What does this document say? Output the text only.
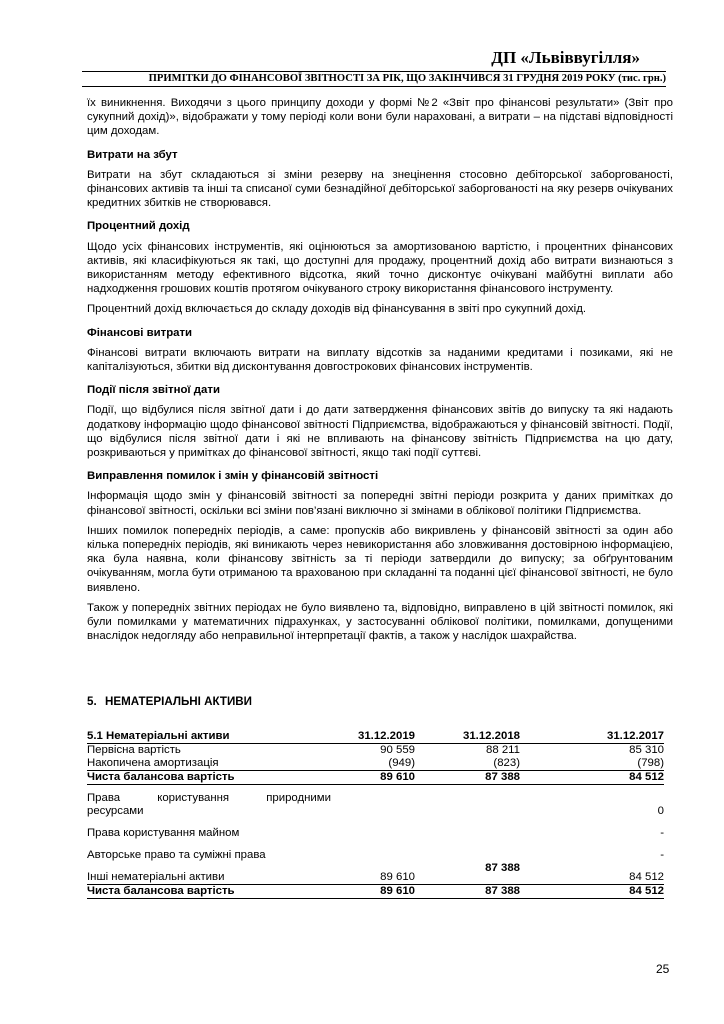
ДП «Львіввугілля»
ПРИМІТКИ ДО ФІНАНСОВОЇ ЗВІТНОСТІ ЗА РІК, ЩО ЗАКІНЧИВСЯ 31 ГРУДНЯ 2019 РОКУ (тис. грн.)

їх виникнення. Виходячи з цього принципу доходи у формі №2 «Звіт про фінансові результати» (Звіт про сукупний дохід)», відображати у тому періоді коли вони були нараховані, а витрати – на підставі відповідності цим доходам.

Витрати на збут

Витрати на збут складаються зі зміни резерву на знецінення стосовно дебіторської заборгованості, фінансових активів та інші та списаної суми безнадійної дебіторської заборгованості на яку резерв очікуваних кредитних збитків не створювався.

Процентний дохід

Щодо усіх фінансових інструментів, які оцінюються за амортизованою вартістю, і процентних фінансових активів, які класифікуються як такі, що доступні для продажу, процентний дохід або витрати визнаються з використанням методу ефективного відсотка, який точно дисконтує очікувані майбутні виплати або надходження грошових коштів протягом очікуваного строку використання фінансового інструменту.

Процентний дохід включається до складу доходів від фінансування в звіті про сукупний дохід.

Фінансові витрати

Фінансові витрати включають витрати на виплату відсотків за наданими кредитами і позиками, які не капіталізуються, збитки від дисконтування довгострокових фінансових інструментів.

Події після звітної дати

Події, що відбулися після звітної дати і до дати затвердження фінансових звітів до випуску та які надають додаткову інформацію щодо фінансової звітності Підприємства, відображаються у фінансовій звітності. Події, що відбулися після звітної дати і які не впливають на фінансову звітність Підприємства на цю дату, розкриваються у примітках до фінансової звітності, якщо такі події суттєві.

Виправлення помилок і змін у фінансовій звітності

Інформація щодо змін у фінансовій звітності за попередні звітні періоди розкрита у даних примітках до фінансової звітності, оскільки всі зміни пов’язані виключно зі змінами в облікової політики Підприємства.

Інших помилок попередніх періодів, а саме: пропусків або викривлень у фінансовій звітності за один або кілька попередніх періодів, які виникають через невикористання або зловживання достовірною інформацією, яка була наявна, коли фінансову звітність за ті періоди затвердили до випуску; за обґрунтованим очікуванням, могла бути отриманою та врахованою при складанні та поданні цієї фінансової звітності, не було виявлено.

Також у попередніх звітних періодах не було виявлено та, відповідно, виправлено в цій звітності помилок, які були помилками у математичних підрахунках, у застосуванні облікової політики, помилками, допущеними внаслідок недогляду або неправильної інтерпретації фактів, а також у наслідок шахрайства.

5. НЕМАТЕРІАЛЬНІ АКТИВИ
5.1 Нематеріальні активи	31.12.2019	31.12.2018	31.12.2017
Первісна вартість	90 559	88 211	85 310
Накопичена амортизація	(949)	(823)	(798)
Чиста балансова вартість	89 610	87 388	84 512

Права користування природними
ресурсами			0
Права користування майном			-
Авторське право та суміжні права			-
Інші нематеріальні активи	89 610	87 388	84 512
Чиста балансова вартість	89 610	87 388	84 512
25
